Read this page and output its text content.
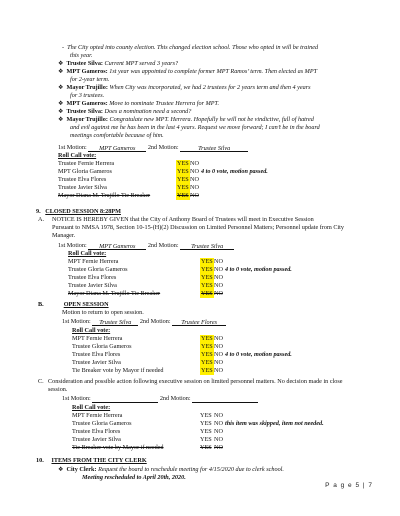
-  The City opted into county election. This changed election school. Those who opted in will be trained
this year.
❖ Trustee Silva: Current MPT served 3 years?
❖ MPT Gameros: 1st year was appointed to complete former MPT Ramos’ term. Then elected as MPT
for 2-year term.
❖ Mayor Trujillo: When City was incorporated, we had 2 trustees for 2 years term and then 4 years
for 3 trustees.
❖ MPT Gameros: Move to nominate Trustee Herrera for MPT.
❖ Trustee Silva: Does a nomination need a second?
❖ Mayor Trujillo: Congratulate new MPT. Herrera. Hopefully he will not be vindictive, full of hatred
and evil against me he has been in the last 4 years. Request we move forward; I can’t be in the board
meetings comfortable because of him.
1st Motion: MPT Gameros 2nd Motion:	Trustee Silva
Roll Call vote:
Trustee Fernie Herrera	YES NO
MPT Gloria Gameros	YES NO 4 to 0 vote, motion passed.
Trustee Elva Flores	YES NO
Trustee Javier Silva	YES NO
Mayor Diana M. Trujillo Tie Breaker	YES NO
9. CLOSED SESSION 8:28PM
A. NOTICE IS HEREBY GIVEN that the City of Anthony Board of Trustees will meet in Executive Session
Pursuant to NMSA 1978, Section 10-15-(H)(2) Discussion on Limited Personnel Matters; Personnel update from City
Manager.
1st Motion: MPT Gameros 2nd Motion: Trustee Silva
Roll Call vote:
MPT Fernie Herrera	YES NO
Trustee Gloria Gameros	YES NO 4 to 0 vote, motion passed.
Trustee Elva Flores	YES NO
Trustee Javier Silva	YES NO
Mayor Diana M. Trujillo Tie Breaker	YES NO
B.	OPEN SESSION
Motion to return to open session.
1st Motion: Trustee Silva 2nd Motion: Trustee Flores
Roll Call vote:
MPT Fernie Herrera	YES NO
Trustee Gloria Gameros	YES NO
Trustee Elva Flores	YES NO 4 to 0 vote, motion passed.
Trustee Javier Silva	YES NO
Tie Breaker vote by Mayor if needed	YES NO
C. Consideration and possible action following executive session on limited personnel matters. No decision made in close
session.
1st Motion:	2nd Motion:
Roll Call vote:
MPT Fernie Herrera	YES NO
Trustee Gloria Gameros	YES NO this item was skipped, item not needed.
Trustee Elva Flores	YES NO
Trustee Javier Silva	YES NO
Tie Breaker vote by Mayor if needed	YES NO
10. ITEMS FROM THE CITY CLERK
❖ City Clerk: Request the board to reschedule meeting for 4/15/2020 due to clerk school.
Meeting rescheduled to April 20th, 2020.
P a g e 5 | 7
